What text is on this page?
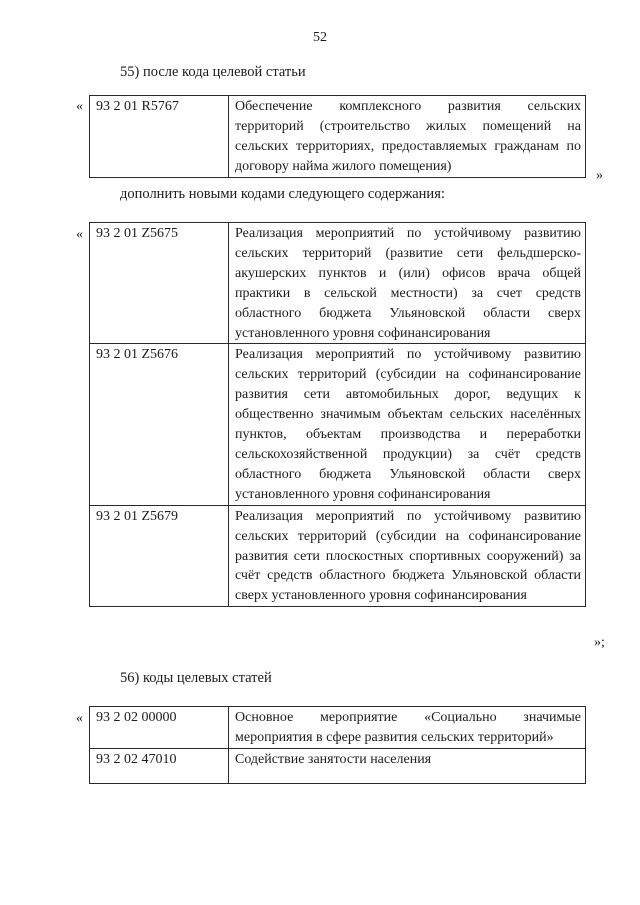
52
55) после кода целевой статьи
« 93 2 01 R5767	Обеспечение комплексного развития сельских территорий (строительство жилых помещений на сельских территориях, предоставляемых гражданам по договору найма жилого помещения)
»
дополнить новыми кодами следующего содержания:
« 93 2 01 Z5675	Реализация мероприятий по устойчивому развитию сельских территорий (развитие сети фельдшерско-акушерских пунктов и (или) офисов врача общей практики в сельской местности) за счет средств областного бюджета Ульяновской области сверх установленного уровня софинансирования
93 2 01 Z5676	Реализация мероприятий по устойчивому развитию сельских территорий (субсидии на софинансирование развития сети автомобильных дорог, ведущих к общественно значимым объектам сельских населённых пунктов, объектам производства и переработки сельскохозяйственной продукции) за счёт средств областного бюджета Ульяновской области сверх установленного уровня софинансирования
93 2 01 Z5679	Реализация мероприятий по устойчивому развитию сельских территорий (субсидии на софинансирование развития сети плоскостных спортивных сооружений) за счёт средств областного бюджета Ульяновской области сверх установленного уровня софинансирования
»;
56) коды целевых статей
« 93 2 02 00000	Основное мероприятие «Социально значимые мероприятия в сфере развития сельских территорий»
93 2 02 47010	Содействие занятости населения
